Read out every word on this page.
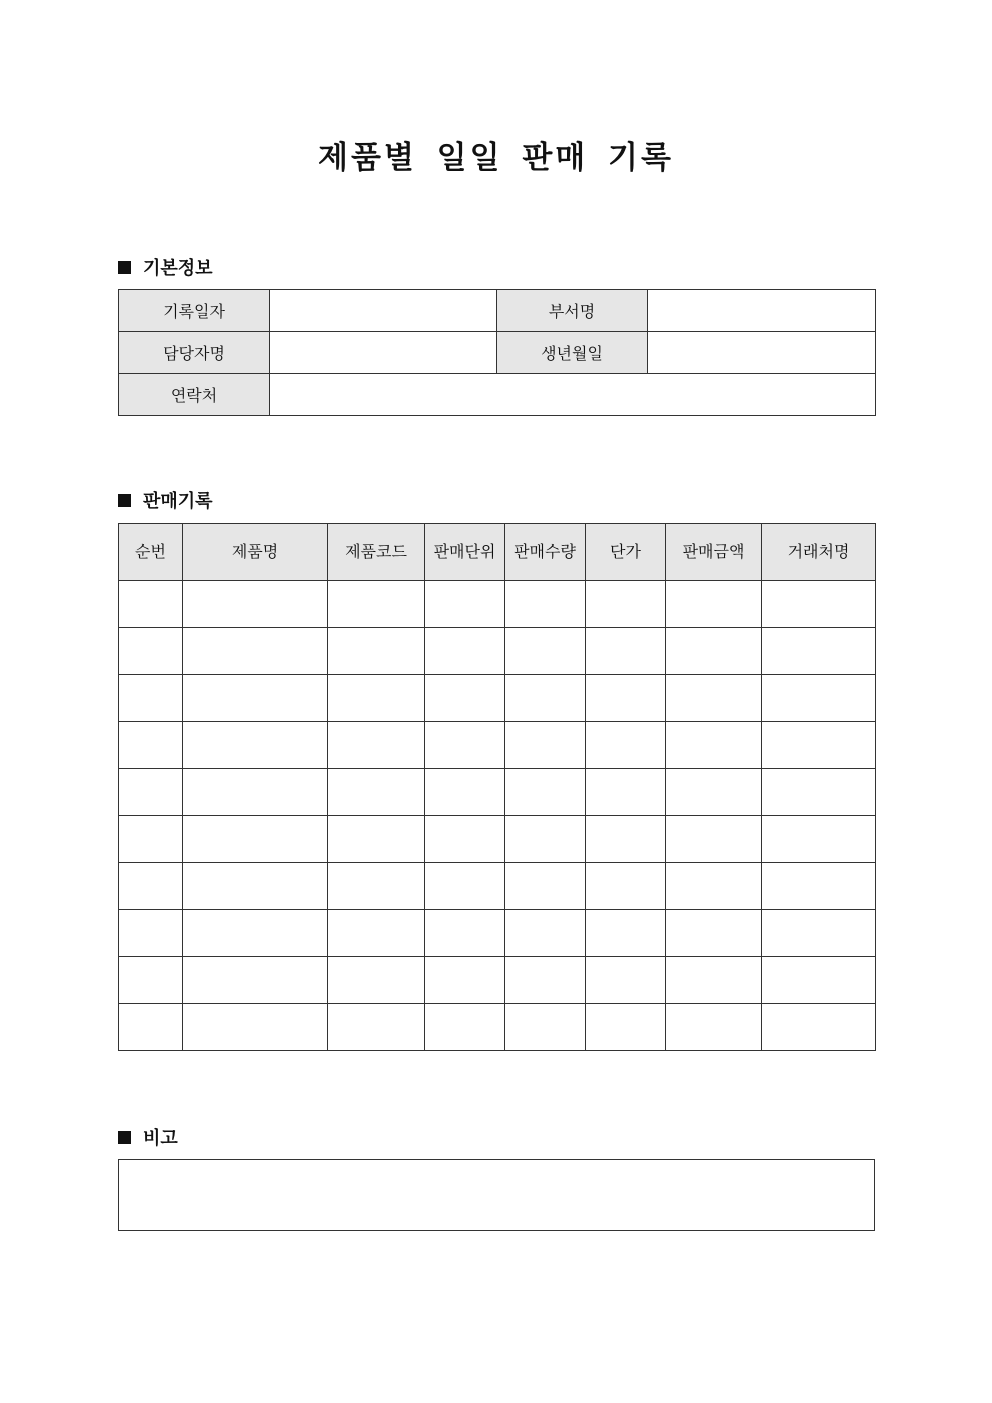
제품별 일일 판매 기록
기본정보
기록일자		부서명	
담당자명		생년월일	
연락처			
판매기록
순번	제품명	제품코드	판매단위	판매수량	단가	판매금액	거래처명

비고
